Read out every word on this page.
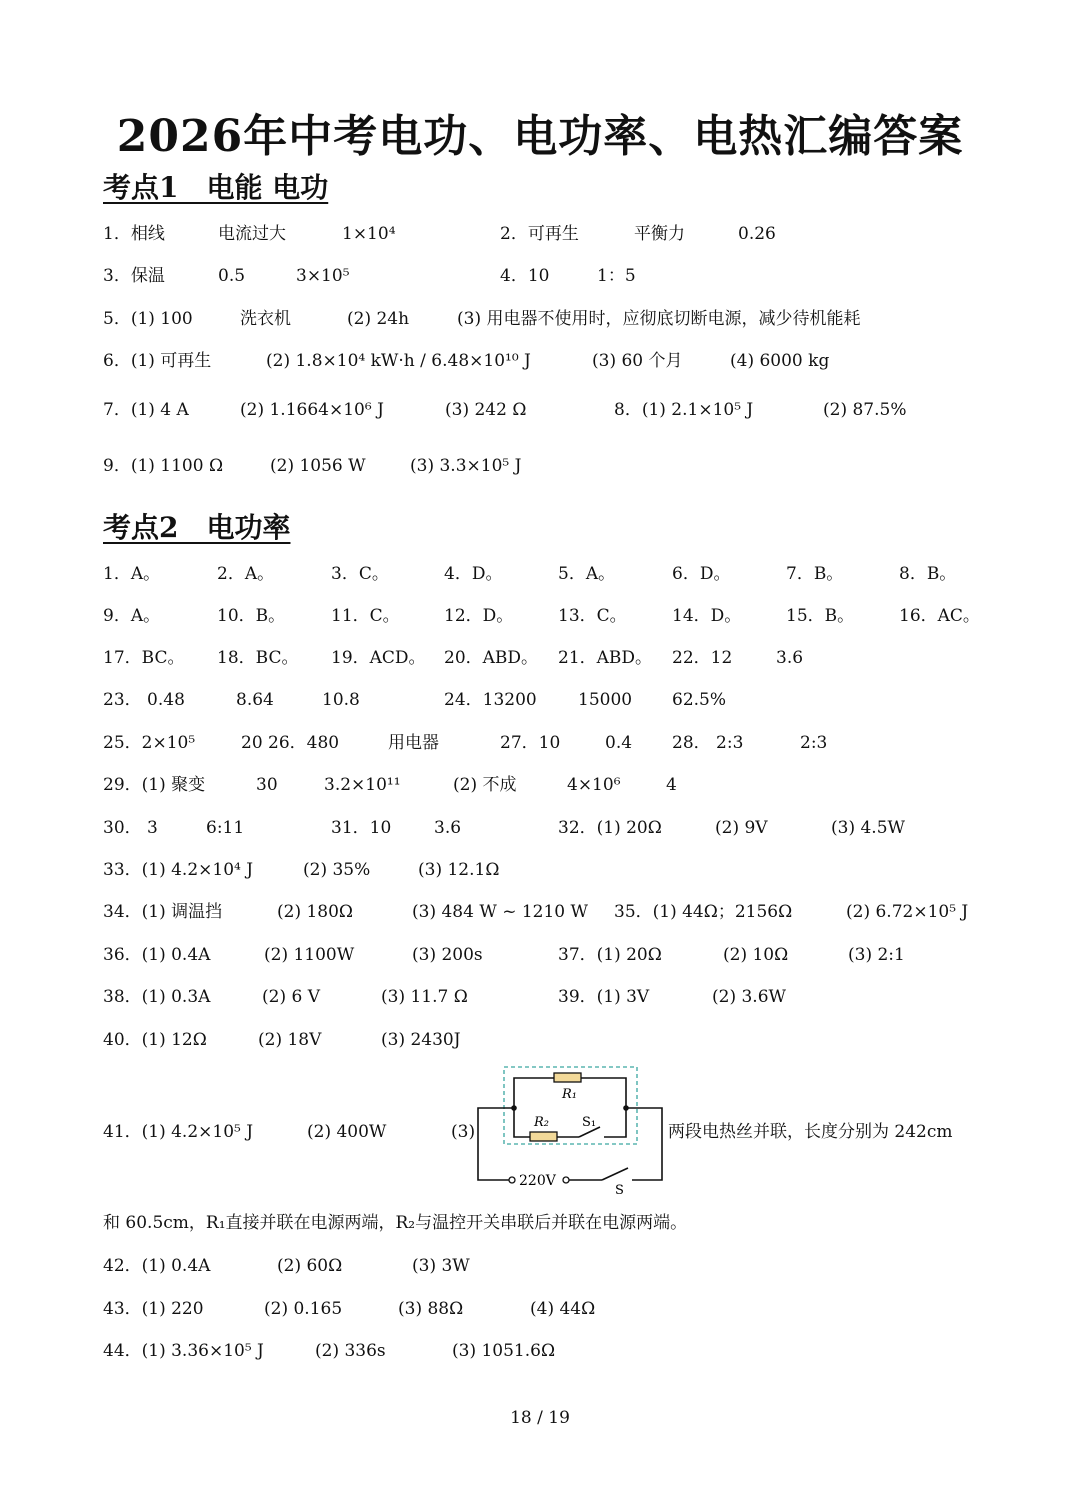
2026年中考电功、电功率、电热汇编答案
考点1　电能 电功
1．相线	电流过大	1×10⁴	2．可再生	平衡力	0.26
3．保温	0.5	3×10⁵	4．10	1：5
5．(1) 100	洗衣机	(2) 24h	(3) 用电器不使用时，应彻底切断电源，减少待机能耗
6．(1) 可再生	(2) 1.8×10⁴ kW·h / 6.48×10¹⁰ J	(3) 60 个月	(4) 6000 kg
7．(1) 4 A	(2) 1.1664×10⁶ J	(3) 242 Ω	8．(1) 2.1×10⁵ J	(2) 87.5%
9．(1) 1100 Ω	(2) 1056 W	(3) 3.3×10⁵ J
考点2　电功率
1．A。	2．A。	3．C。	4．D。	5．A。	6．D。	7．B。	8．B。
9．A。	10．B。	11．C。	12．D。	13．C。	14．D。	15．B。	16．AC。
17．BC。 18．BC。 19．ACD。 20．ABD。 21．ABD。 22．12	3.6
23． 0.48	8.64	10.8	24．13200 15000 62.5%
25．2×10⁵	20 26．480	用电器	27．10	0.4 28． 2:3	2:3
29．(1) 聚变	30	3.2×10¹¹	(2) 不成	4×10⁶	4
30． 3	6:11	31．10	3.6	32．(1) 20Ω	(2) 9V	(3) 4.5W
33．(1) 4.2×10⁴ J	(2) 35%	(3) 12.1Ω
34．(1) 调温挡	(2) 180Ω	(3) 484 W ~ 1210 W 35．(1) 44Ω；2156Ω	(2) 6.72×10⁵ J
36．(1) 0.4A	(2) 1100W	(3) 200s	37．(1) 20Ω	(2) 10Ω	(3) 2:1
38．(1) 0.3A	(2) 6 V	(3) 11.7 Ω	39．(1) 3V	(2) 3.6W
40．(1) 12Ω	(2) 18V	(3) 2430J
41．(1) 4.2×10⁵ J	(2) 400W	(3)	两段电热丝并联，长度分别为 242cm
和 60.5cm，R₁直接并联在电源两端，R₂与温控开关串联后并联在电源两端。
42．(1) 0.4A	(2) 60Ω	(3) 3W
43．(1) 220	(2) 0.165	(3) 88Ω	(4) 44Ω
44．(1) 3.36×10⁵ J	(2) 336s	(3) 1051.6Ω
R₁
R₂	S₁
220V
S
18 / 19
